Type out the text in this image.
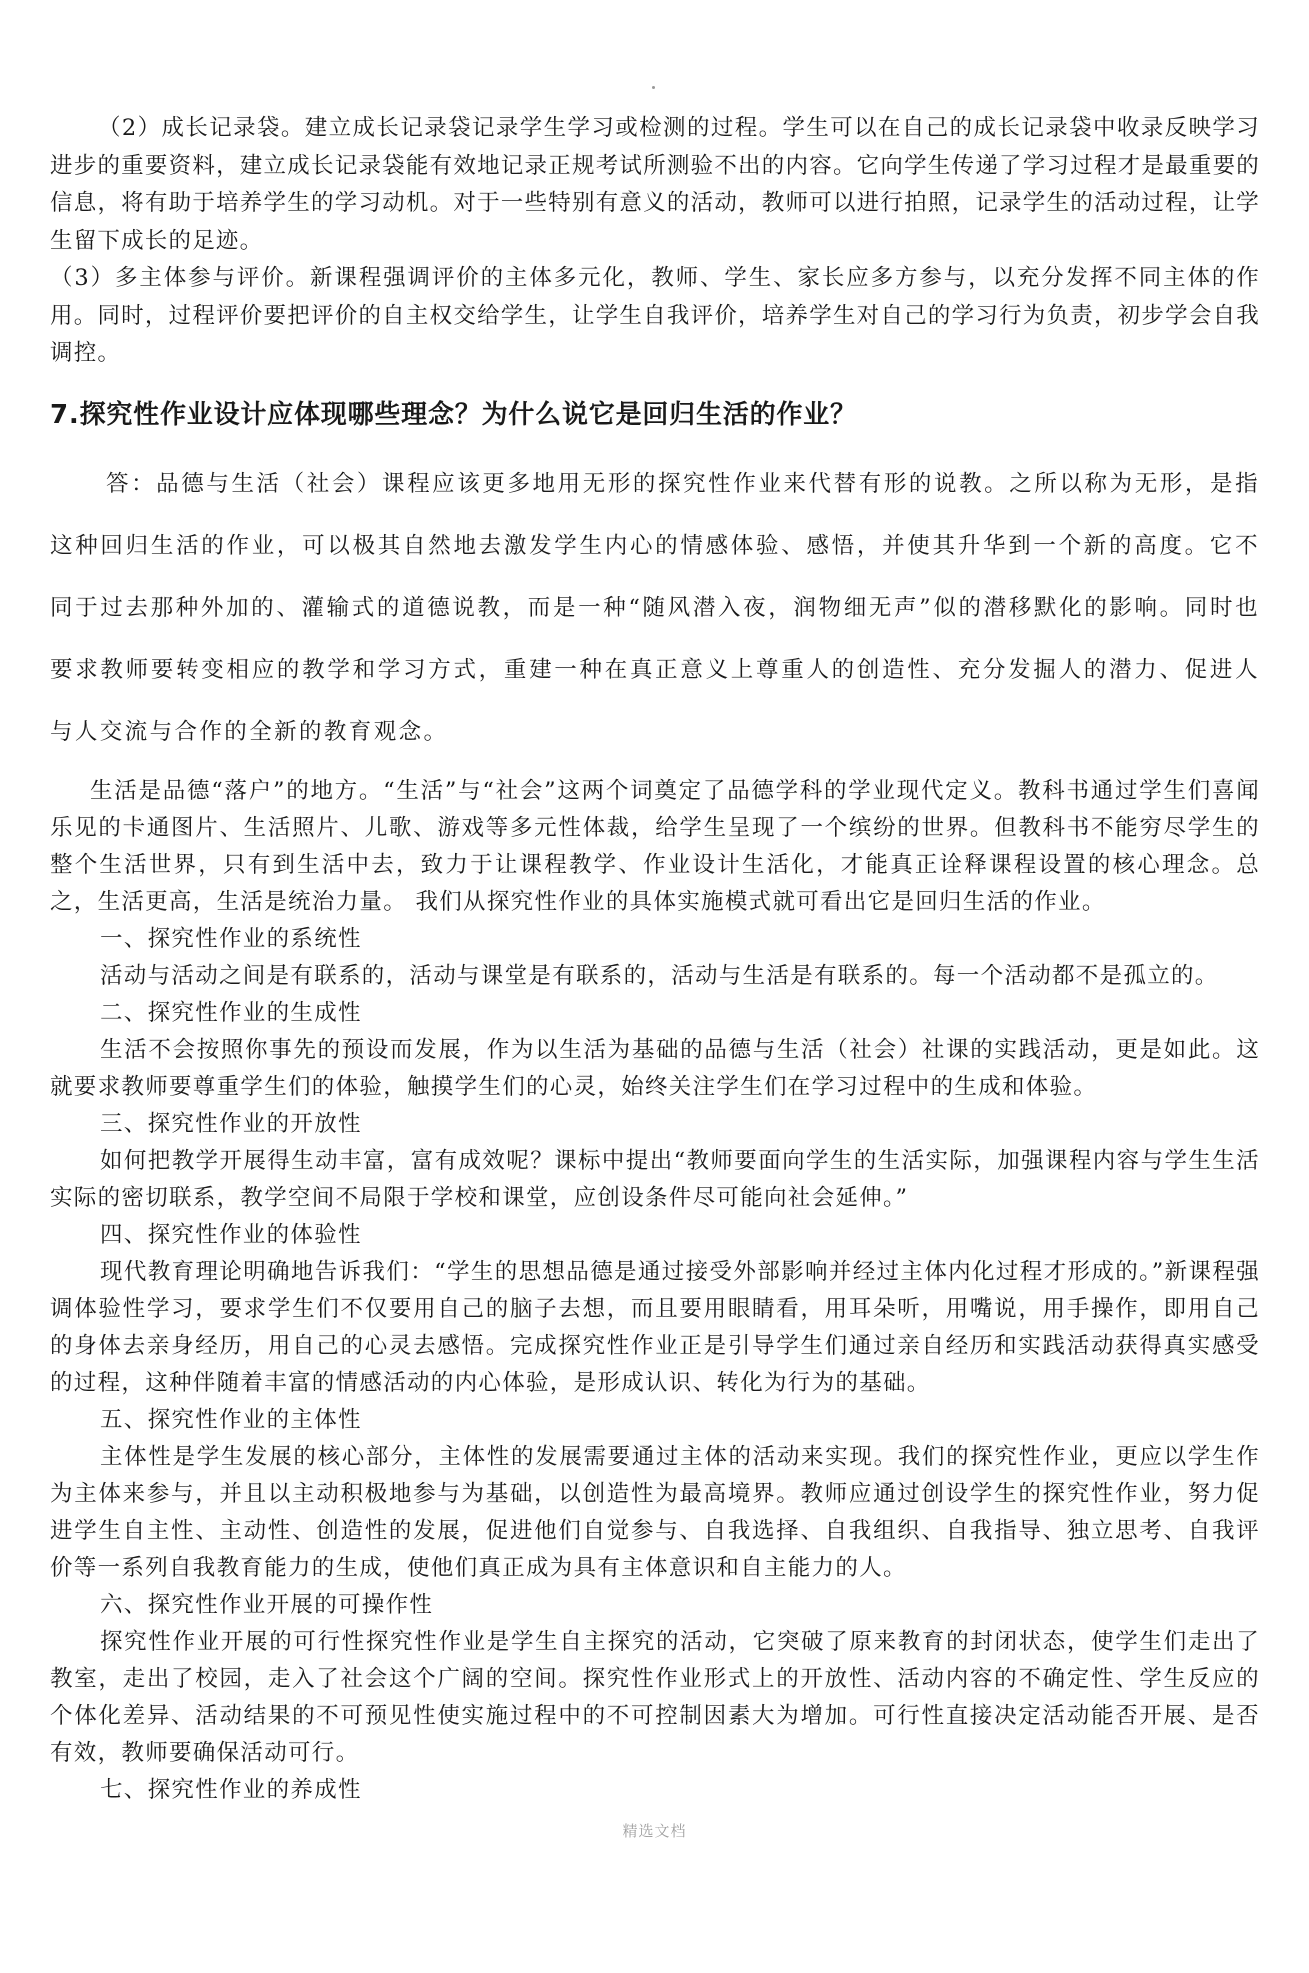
（2）成长记录袋。建立成长记录袋记录学生学习或检测的过程。学生可以在自己的成长记录袋中收录反映学习进步的重要资料，建立成长记录袋能有效地记录正规考试所测验不出的内容。它向学生传递了学习过程才是最重要的信息，将有助于培养学生的学习动机。对于一些特别有意义的活动，教师可以进行拍照，记录学生的活动过程，让学生留下成长的足迹。

（3）多主体参与评价。新课程强调评价的主体多元化，教师、学生、家长应多方参与，以充分发挥不同主体的作用。同时，过程评价要把评价的自主权交给学生，让学生自我评价，培养学生对自己的学习行为负责，初步学会自我调控。

7.探究性作业设计应体现哪些理念？为什么说它是回归生活的作业？

答：品德与生活（社会）课程应该更多地用无形的探究性作业来代替有形的说教。之所以称为无形，是指这种回归生活的作业，可以极其自然地去激发学生内心的情感体验、感悟，并使其升华到一个新的高度。它不同于过去那种外加的、灌输式的道德说教，而是一种“随风潜入夜，润物细无声”似的潜移默化的影响。同时也要求教师要转变相应的教学和学习方式，重建一种在真正意义上尊重人的创造性、充分发掘人的潜力、促进人与人交流与合作的全新的教育观念。

生活是品德“落户”的地方。“生活”与“社会”这两个词奠定了品德学科的学业现代定义。教科书通过学生们喜闻乐见的卡通图片、生活照片、儿歌、游戏等多元性体裁，给学生呈现了一个缤纷的世界。但教科书不能穷尽学生的整个生活世界，只有到生活中去，致力于让课程教学、作业设计生活化，才能真正诠释课程设置的核心理念。总之，生活更高，生活是统治力量。 我们从探究性作业的具体实施模式就可看出它是回归生活的作业。

一、探究性作业的系统性

活动与活动之间是有联系的，活动与课堂是有联系的，活动与生活是有联系的。每一个活动都不是孤立的。

二、探究性作业的生成性

生活不会按照你事先的预设而发展，作为以生活为基础的品德与生活（社会）社课的实践活动，更是如此。这就要求教师要尊重学生们的体验，触摸学生们的心灵，始终关注学生们在学习过程中的生成和体验。

三、探究性作业的开放性

如何把教学开展得生动丰富，富有成效呢？课标中提出“教师要面向学生的生活实际，加强课程内容与学生生活实际的密切联系，教学空间不局限于学校和课堂，应创设条件尽可能向社会延伸。”

四、探究性作业的体验性

现代教育理论明确地告诉我们：“学生的思想品德是通过接受外部影响并经过主体内化过程才形成的。”新课程强调体验性学习，要求学生们不仅要用自己的脑子去想，而且要用眼睛看，用耳朵听，用嘴说，用手操作，即用自己的身体去亲身经历，用自己的心灵去感悟。完成探究性作业正是引导学生们通过亲自经历和实践活动获得真实感受的过程，这种伴随着丰富的情感活动的内心体验，是形成认识、转化为行为的基础。

五、探究性作业的主体性

主体性是学生发展的核心部分，主体性的发展需要通过主体的活动来实现。我们的探究性作业，更应以学生作为主体来参与，并且以主动积极地参与为基础，以创造性为最高境界。教师应通过创设学生的探究性作业，努力促进学生自主性、主动性、创造性的发展，促进他们自觉参与、自我选择、自我组织、自我指导、独立思考、自我评价等一系列自我教育能力的生成，使他们真正成为具有主体意识和自主能力的人。

六、探究性作业开展的可操作性

探究性作业开展的可行性探究性作业是学生自主探究的活动，它突破了原来教育的封闭状态，使学生们走出了教室，走出了校园，走入了社会这个广阔的空间。探究性作业形式上的开放性、活动内容的不确定性、学生反应的个体化差异、活动结果的不可预见性使实施过程中的不可控制因素大为增加。可行性直接决定活动能否开展、是否有效，教师要确保活动可行。

七、探究性作业的养成性

精选文档
